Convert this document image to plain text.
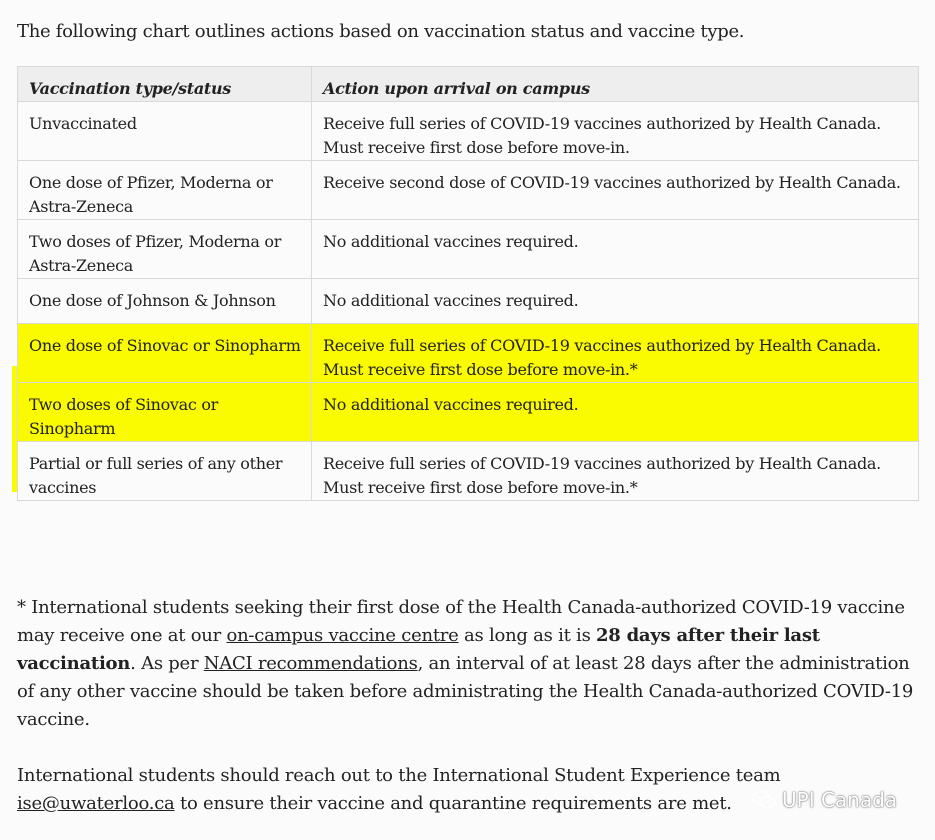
The following chart outlines actions based on vaccination status and vaccine type.

Vaccination type/status	Action upon arrival on campus
Unvaccinated	Receive full series of COVID-19 vaccines authorized by Health Canada. Must receive first dose before move-in.
One dose of Pfizer, Moderna or Astra-Zeneca	Receive second dose of COVID-19 vaccines authorized by Health Canada.
Two doses of Pfizer, Moderna or Astra-Zeneca	No additional vaccines required.
One dose of Johnson & Johnson	No additional vaccines required.
One dose of Sinovac or Sinopharm	Receive full series of COVID-19 vaccines authorized by Health Canada. Must receive first dose before move-in.*
Two doses of Sinovac or Sinopharm	No additional vaccines required.
Partial or full series of any other vaccines	Receive full series of COVID-19 vaccines authorized by Health Canada. Must receive first dose before move-in.*

* International students seeking their first dose of the Health Canada-authorized COVID-19 vaccine may receive one at our on-campus vaccine centre as long as it is 28 days after their last vaccination. As per NACI recommendations, an interval of at least 28 days after the administration of any other vaccine should be taken before administrating the Health Canada-authorized COVID-19 vaccine.

International students should reach out to the International Student Experience team ise@uwaterloo.ca to ensure their vaccine and quarantine requirements are met.	UPI Canada
